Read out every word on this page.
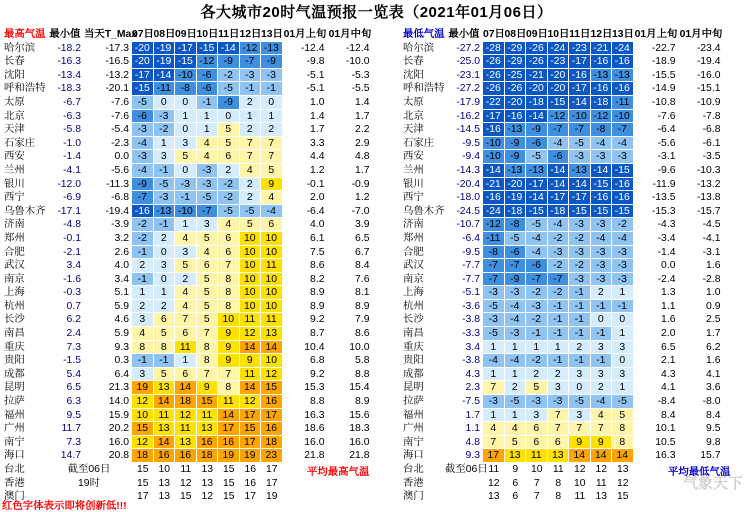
各大城市20时气温预报一览表（2021年01月06日）
最高气温 最小值 当天T_Max
07日 08日 09日 10日 11日 12日 13日 01月上旬 01月中旬
哈尔滨	-18.2	-17.3 -20 -19 -17 -15 -14 -12 -13	-12.4	-12.4
长春	-16.3	-16.5 -20 -19 -15 -12 -9	-7	-9	-9.8	-10.0
沈阳	-13.4	-13.2 -17 -14 -10 -6	-2	-3	-3	-5.1	-5.3
呼和浩特	-18.3	-20.1 -15 -11 -8	-6	-5	-1	-1	-5.1	-5.5
太原	-6.7	-7.6 -5	0	0	-1	-9	2	0	1.0	1.4
北京	-6.3	-7.6 -6	-3	1	1	0	1	1	1.4	1.7
天津	-5.8	-5.4 -3	-2	0	1	5	2	2	1.7	2.2
石家庄	-1.0	-2.3 -4	1	3	4	5	7	7	3.3	2.9
西安	-1.4	0.0 -3	3	5	4	6	7	7	4.4	4.8
兰州	-4.1	-5.6 -4	-1	0	-3	2	4	5	1.2	1.7
银川	-12.0	-11.3 -9	-5	-3	-3	-2	2	9	-0.1	-0.9
西宁	-6.9	-6.8 -7	-3	-1	-5	-2	2	4	2.0	1.2
乌鲁木齐	-17.1	-19.4 -16 -13 -10 -7	-5	-5	-4	-6.4	-7.0
济南	-4.8	-3.9 -2	-1	1	3	4	5	6	4.0	3.9
郑州	-0.1	3.2 -2	2	4	5	6	10 10	6.1	6.5
合肥	-2.1	2.6 -1	0	3	4	6	10 10	7.5	6.7
武汉	3.4	4.0 2	3	5	6	7	10 11	8.6	8.4
南京	-1.6	3.4 -1	0	2	5	8	10 10	8.2	7.6
上海	-0.3	5.1 1	1	4	5	8	10 10	8.9	8.1
杭州	0.7	5.9 2	2	4	5	8	10 10	8.9	8.9
长沙	6.2	4.6 3	6	7	5	10 11	11	9.2	7.9
南昌	2.4	5.9 4	5	6	7	9	12 13	8.7	8.6
重庆	7.3	9.3 8	8	11	8	9	14 14	10.4	10.0
贵阳	-1.5	0.3 -1	-1	1	8	9	9	10	6.8	5.8
成都	5.4	6.4 3	5	6	7	7	11 12	9.2	8.8
昆明	6.5	21.3 19 13 14	9	8	14 15	15.3	15.4
拉萨	6.3	14.0 12 14 18 15 11 12 16	8.8	8.9
福州	9.5	15.9 10 11 12 11 14 17 17	16.3	15.6
广州	11.7	20.2 15 13 11 13 17 15 16	18.6	18.3
南宁	7.3	16.0 12 14 13 16 16 17 18	16.0	16.0
海口	14.7	20.8 18 16 16 18 19 19 23	21.8	21.8
台北	截至06日	15 10 11 13 15 16 17
香港	19时	15 13 12 13 15 16 17
澳门	17 13 15 12 15 17 19
最低气温 最小值 07日 08日 09日 10日 11日 12日 13日 01月上旬 01月中旬
哈尔滨	-27.2 -28 -29 -26 -24 -23 -21 -24	-22.7	-23.4
长春	-25.0 -26 -29 -26 -23 -17 -16 -16	-18.9	-19.4
沈阳	-23.1 -26 -25 -21 -20 -16 -13 -13	-15.5	-16.0
呼和浩特	-27.2 -26 -26 -20 -20 -17 -16 -16	-14.9	-15.1
太原	-17.9 -22 -20 -18 -15 -14 -18 -11	-10.8	-10.9
北京	-16.2 -17 -16 -14 -12 -10 -12 -10	-7.6	-7.8
天津	-14.5 -16 -13 -9	-7	-7	-8	-7	-6.4	-6.8
石家庄	-9.5 -10 -9	-6	-4	-5	-4	-4	-5.6	-6.1
西安	-9.4 -10 -9	-5	-6	-3	-3	-3	-3.1	-3.5
兰州	-14.3 -14 -13 -13 -14 -13 -14 -15	-9.6	-10.3
银川	-20.4 -21 -20 -17 -14 -14 -15 -16	-11.9	-13.2
西宁	-18.0 -16 -19 -14 -17 -17 -16 -16	-13.5	-13.8
乌鲁木齐	-24.5 -24 -18 -15 -18 -15 -15 -15	-15.3	-15.7
济南	-10.7 -12 -8	-5	-4	-3	-3	-2	-4.3	-4.5
郑州	-6.4 -11 -5	-4	-2	-2	-4	-4	-3.4	-4.1
合肥	-9.5 -8	-6	-4	-3	-3	-3	-3	-1.4	-3.1
武汉	-7.7 -7	-7	-6	-2	-2	-3	-3	0.0	1.6
南京	-7.7 -7	-9	-7	-7	-3	-3	-3	-2.4	-2.8
上海	-5.1 -3	-3	-2	-2	-1	2	1	1.3	1.0
杭州	-3.6 -5	-4	-3	-1	-1	-1	-1	1.1	0.9
长沙	-3.8 -3	-4	-2	-1	-1	0	0	1.6	2.5
南昌	-3.3 -5	-3	-1	-1	-1	-1	1	2.0	1.7
重庆	3.4 1	1	1	1	2	3	3	6.5	6.2
贵阳	-3.8 -4	-4	-2	-1	-1	-1	0	2.1	1.6
成都	4.3 1	1	2	2	3	3	3	4.3	4.1
昆明	2.3 7	2	5	3	0	2	1	4.1	3.6
拉萨	-7.5 -3	-5	-3	-3	-5	-4	-5	-8.4	-8.0
福州	1.7 1	1	3	7	3	4	5	8.4	8.4
广州	1.1 4	4	6	7	7	7	8	10.1	9.5
南宁	4.8 7	5	6	6	9	9	8	10.5	9.8
海口	9.3 17 13 11 13 14 14 14	16.3	15.7
台北	截至06日 11	9	10 11 12 12 13
香港	12	6	7	8	10 11 12
澳门	13	6	7	8	11 13 15
平均最高气温	平均最低气温
红色字体表示即将创新低!!!
气象天下
